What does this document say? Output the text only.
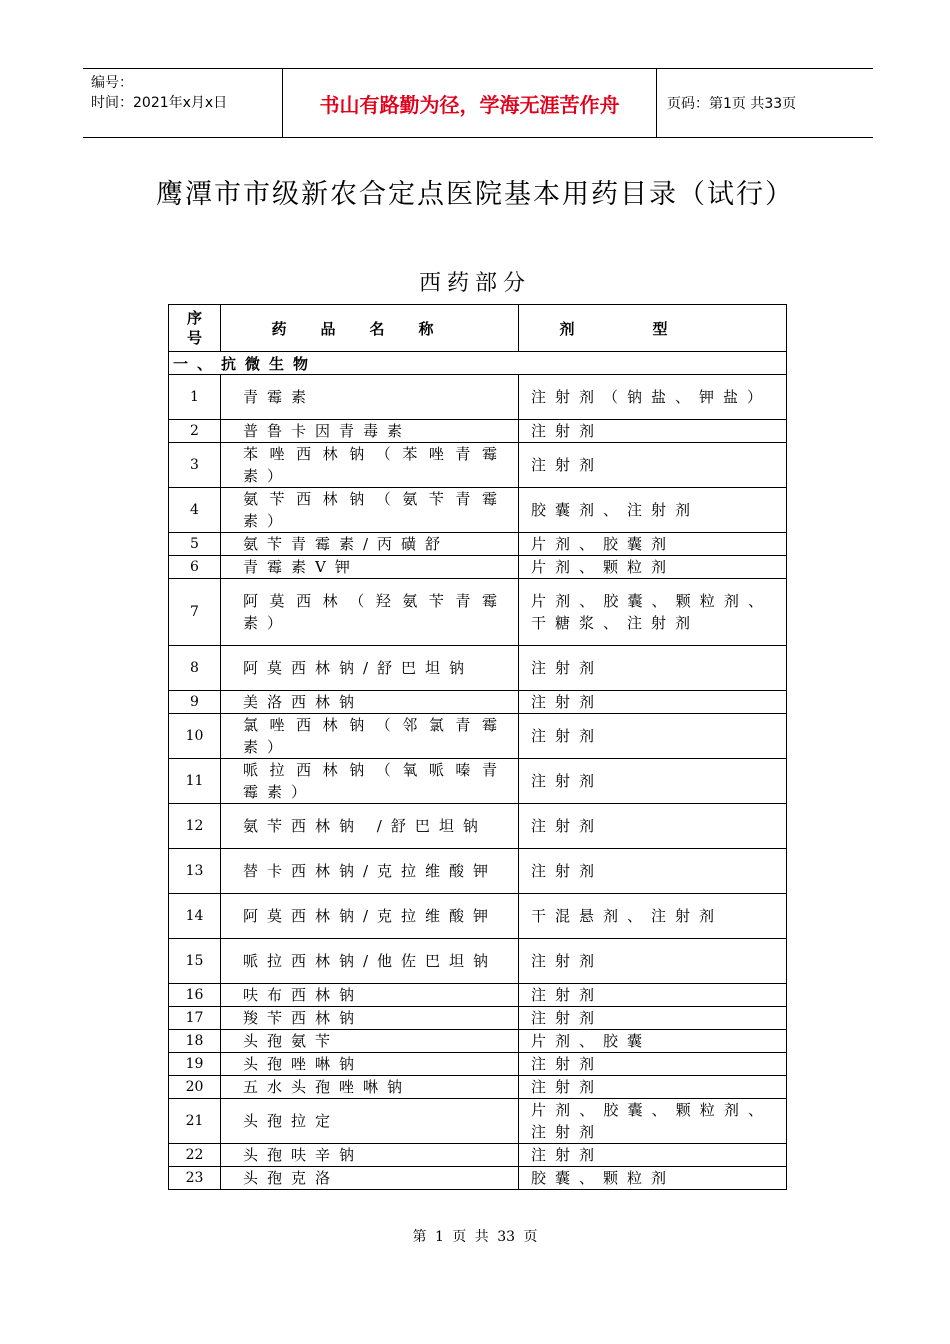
编号：
时间：2021年x月x日	书山有路勤为径，学海无涯苦作舟	页码：第1页 共33页
鹰潭市市级新农合定点医院基本用药目录（试行）
西药部分
序号	药品名称	剂型
一、抗微生物		
1	青霉素	注射剂（钠盐、钾盐）
2	普鲁卡因青毒素	注射剂
3	苯唑西林钠（苯唑青霉素）	注射剂
4	氨苄西林钠（氨苄青霉素）	胶囊剂、注射剂
5	氨苄青霉素/丙磺舒	片剂、胶囊剂
6	青霉素V钾	片剂、颗粒剂
7	阿莫西林（羟氨苄青霉素）	片剂、胶囊、颗粒剂、干糖浆、注射剂
8	阿莫西林钠/舒巴坦钠	注射剂
9	美洛西林钠	注射剂
10	氯唑西林钠（邻氯青霉素）	注射剂
11	哌拉西林钠（氧哌嗪青霉素）	注射剂
12	氨苄西林钠 /舒巴坦钠	注射剂
13	替卡西林钠/克拉维酸钾	注射剂
14	阿莫西林钠/克拉维酸钾	干混悬剂、注射剂
15	哌拉西林钠/他佐巴坦钠	注射剂
16	呋布西林钠	注射剂
17	羧苄西林钠	注射剂
18	头孢氨苄	片剂、胶囊
19	头孢唑啉钠	注射剂
20	五水头孢唑啉钠	注射剂
21	头孢拉定	片剂、胶囊、颗粒剂、注射剂
22	头孢呋辛钠	注射剂
23	头孢克洛	胶囊、颗粒剂
第 1 页 共 33 页
